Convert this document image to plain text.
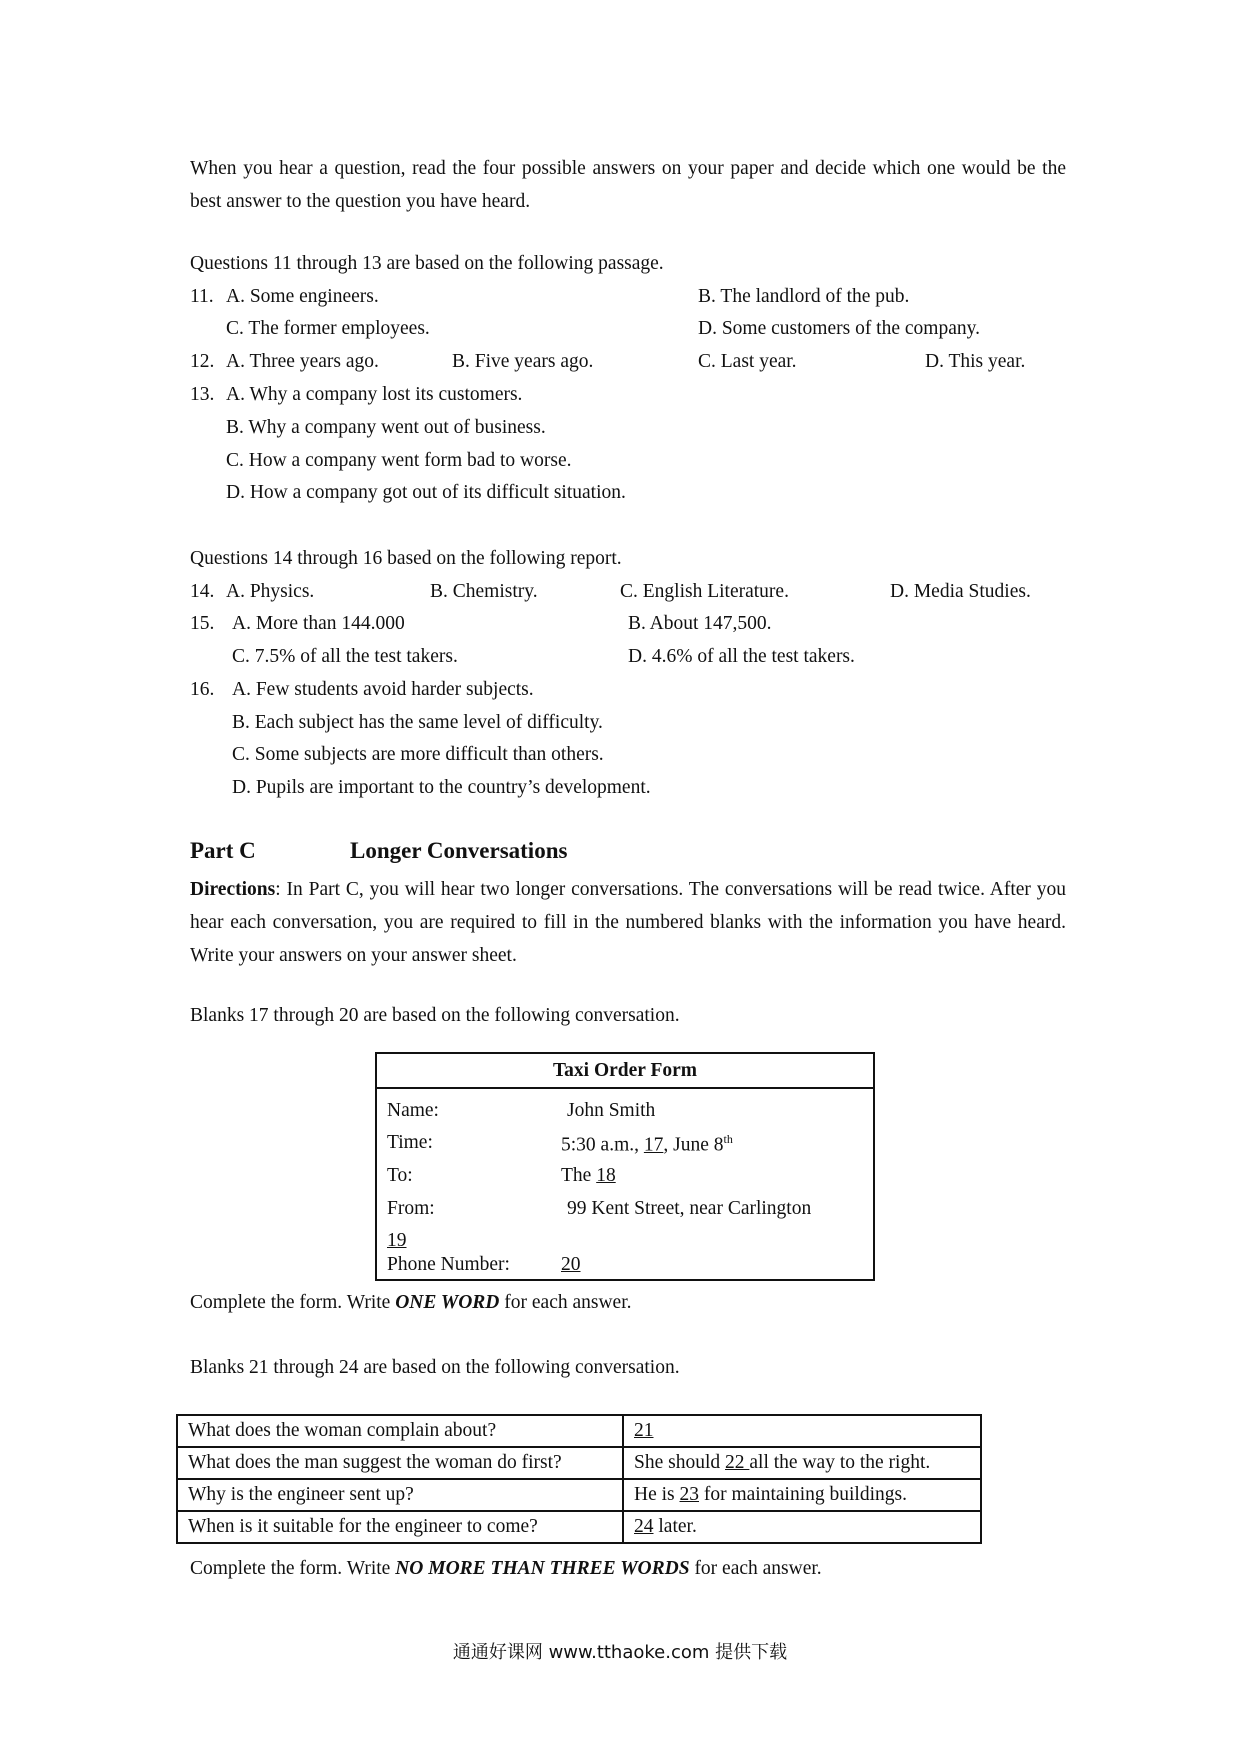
When you hear a question, read the four possible answers on your paper and decide which one would be the best answer to the question you have heard.
Questions 11 through 13 are based on the following passage.
11. A. Some engineers.	B. The landlord of the pub.
C. The former employees.	D. Some customers of the company.
12. A. Three years ago.	B. Five years ago.	C. Last year.	D. This year.
13. A. Why a company lost its customers.
B. Why a company went out of business.
C. How a company went form bad to worse.
D. How a company got out of its difficult situation.
Questions 14 through 16 based on the following report.
14. A. Physics.	B. Chemistry.	C. English Literature.	D. Media Studies.
15. A. More than 144.000	B. About 147,500.
C. 7.5% of all the test takers.	D. 4.6% of all the test takers.
16. A. Few students avoid harder subjects.
B. Each subject has the same level of difficulty.
C. Some subjects are more difficult than others.
D. Pupils are important to the country’s development.
Part C	Longer Conversations
Directions: In Part C, you will hear two longer conversations. The conversations will be read twice. After you hear each conversation, you are required to fill in the numbered blanks with the information you have heard. Write your answers on your answer sheet.
Blanks 17 through 20 are based on the following conversation.
Taxi Order Form
Name:	John Smith
Time:	5:30 a.m., 17, June 8th
To:	The 18
From:	99 Kent Street, near Carlington
19
Phone Number:	20
Complete the form. Write ONE WORD for each answer.
Blanks 21 through 24 are based on the following conversation.
What does the woman complain about?	21
What does the man suggest the woman do first?	She should 22 all the way to the right.
Why is the engineer sent up?	He is 23 for maintaining buildings.
When is it suitable for the engineer to come?	24 later.
Complete the form. Write NO MORE THAN THREE WORDS for each answer.
通通好课网 www.tthaoke.com 提供下载
